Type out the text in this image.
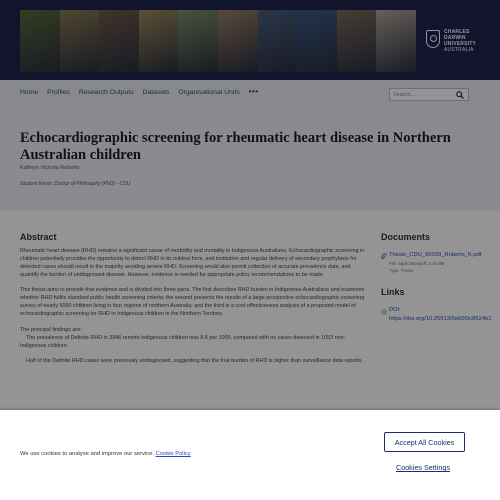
CHARLES
DARWIN
UNIVERSITY
AUSTRALIA
Home Profiles Research Outputs Datasets Organisational Units •••
Search...
Echocardiographic screening for rheumatic heart disease in Northern Australian children
Kathryn Victoria Roberts
Student thesis: Doctor of Philosophy (PhD) - CDU
Abstract

Rheumatic heart disease (RHD) remains a significant cause of morbidity and mortality in Indigenous Australians. Echocardiographic screening in children potentially provides the opportunity to detect RHD in its mildest form, and institution and regular delivery of secondary prophylaxis for detected cases should result in the majority avoiding severe RHD. Screening would also permit collection of accurate prevalence data, and quantify the burden of undiagnosed disease. However, evidence is needed for appropriate policy recommendations to be made.

This thesis aims to provide that evidence and is divided into three parts. The first describes RHD burden in Indigenous Australians and examines whether RHD fulfils standard public health screening criteria; the second presents the results of a large prospective echocardiographic screening survey of nearly 5000 children living in four regions of northern Australia; and the third is a cost effectiveness analysis of a proposed model of echocardiographic screening for RHD in Indigenous children in the Northern Territory.

The principal findings are:
The prevalence of Definite RHD in 3946 remote Indigenous children was 8.6 per 1000, compared with no cases detected in 1053 non-Indigenous children.

Half of the Definite RHD cases were previously undiagnosed, suggesting that the true burden of RHD is higher than surveillance data reports.

Documents
Thesis_CDU_60339_Roberts_K.pdf
File: application/pdf, 3.46 MB
Type: Thesis
Links
DOI:
https://doi.org/10.25913/5eb0f3c8624b1
We use cookies to analyse and improve our service. Cookie Policy
Accept All Cookies
Cookies Settings
